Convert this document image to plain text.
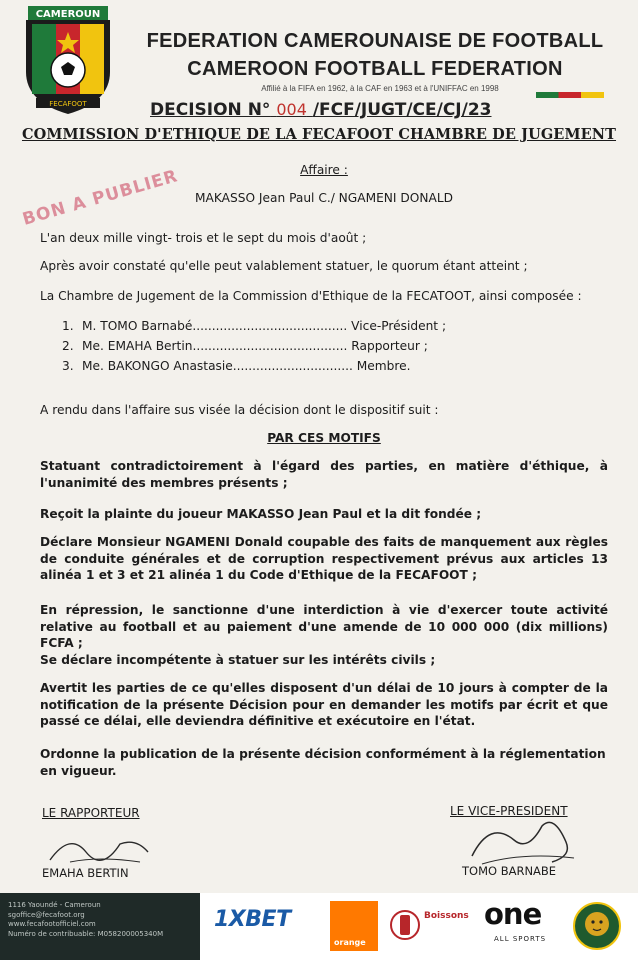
CAMEROUN
FECAFOOT
FEDERATION CAMEROUNAISE DE FOOTBALL
CAMEROON FOOTBALL FEDERATION
Affilié à la FIFA en 1962, à la CAF en 1963 et à l'UNIFFAC en 1998
DECISION N° 004 /FCF/JUGT/CE/CJ/23
COMMISSION D'ETHIQUE DE LA FECAFOOT CHAMBRE DE JUGEMENT
BON A PUBLIER	Affaire :
MAKASSO Jean Paul C./ NGAMENI DONALD
L'an deux mille vingt- trois et le sept du mois d'août ;
Après avoir constaté qu'elle peut valablement statuer, le quorum étant atteint ;
La Chambre de Jugement de la Commission d'Ethique de la FECATOOT, ainsi composée :
1. M. TOMO Barnabé........................................ Vice-Président ;
2. Me. EMAHA Bertin........................................ Rapporteur ;
3. Me. BAKONGO Anastasie............................... Membre.
A rendu dans l'affaire sus visée la décision dont le dispositif suit :
PAR CES MOTIFS
Statuant contradictoirement à l'égard des parties, en matière d'éthique, à l'unanimité des membres présents ;
Reçoit la plainte du joueur MAKASSO Jean Paul et la dit fondée ;
Déclare Monsieur NGAMENI Donald coupable des faits de manquement aux règles de conduite générales et de corruption respectivement prévus aux articles 13 alinéa 1 et 3 et 21 alinéa 1 du Code d'Ethique de la FECAFOOT ;
En répression, le sanctionne d'une interdiction à vie d'exercer toute activité relative au football et au paiement d'une amende de 10 000 000 (dix millions) FCFA ;
Se déclare incompétente à statuer sur les intérêts civils ;
Avertit les parties de ce qu'elles disposent d'un délai de 10 jours à compter de la notification de la présente Décision pour en demander les motifs par écrit et que passé ce délai, elle deviendra définitive et exécutoire en l'état.
Ordonne la publication de la présente décision conformément à la réglementation en vigueur.
LE RAPPORTEUR
EMAHA BERTIN
LE VICE-PRESIDENT
TOMO BARNABE
1116 Yaoundé - Cameroun
sgoffice@fecafoot.org
www.fecafootofficiel.com
Numéro de contribuable: M058200005340M
1XBET
orange
Boissons one
ALL SPORTS
